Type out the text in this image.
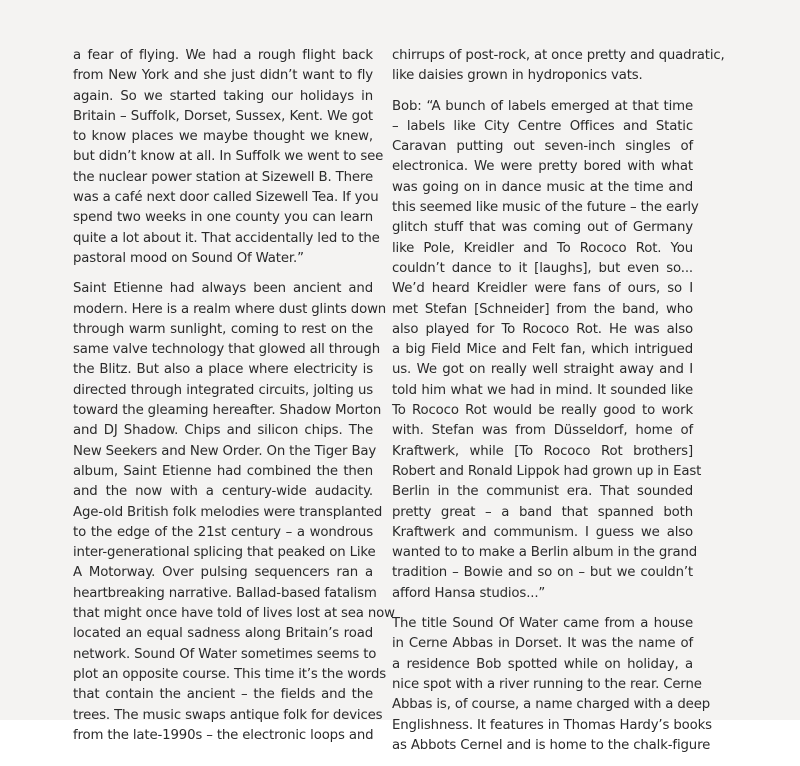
a fear of flying. We had a rough flight back
from New York and she just didn’t want to fly
again. So we started taking our holidays in
Britain – Suffolk, Dorset, Sussex, Kent. We got
to know places we maybe thought we knew,
but didn’t know at all. In Suffolk we went to see
the nuclear power station at Sizewell B. There
was a café next door called Sizewell Tea. If you
spend two weeks in one county you can learn
quite a lot about it. That accidentally led to the
pastoral mood on Sound Of Water.”

Saint Etienne had always been ancient and
modern. Here is a realm where dust glints down
through warm sunlight, coming to rest on the
same valve technology that glowed all through
the Blitz. But also a place where electricity is
directed through integrated circuits, jolting us
toward the gleaming hereafter. Shadow Morton
and DJ Shadow. Chips and silicon chips. The
New Seekers and New Order. On the Tiger Bay
album, Saint Etienne had combined the then
and the now with a century-wide audacity.
Age-old British folk melodies were transplanted
to the edge of the 21st century – a wondrous
inter-generational splicing that peaked on Like
A Motorway. Over pulsing sequencers ran a
heartbreaking narrative. Ballad-based fatalism
that might once have told of lives lost at sea now
located an equal sadness along Britain’s road
network. Sound Of Water sometimes seems to
plot an opposite course. This time it’s the words
that contain the ancient – the fields and the
trees. The music swaps antique folk for devices
from the late-1990s – the electronic loops and

chirrups of post-rock, at once pretty and quadratic,
like daisies grown in hydroponics vats.

Bob: “A bunch of labels emerged at that time
– labels like City Centre Offices and Static
Caravan putting out seven-inch singles of
electronica. We were pretty bored with what
was going on in dance music at the time and
this seemed like music of the future – the early
glitch stuff that was coming out of Germany
like Pole, Kreidler and To Rococo Rot. You
couldn’t dance to it [laughs], but even so...
We’d heard Kreidler were fans of ours, so I
met Stefan [Schneider] from the band, who
also played for To Rococo Rot. He was also
a big Field Mice and Felt fan, which intrigued
us. We got on really well straight away and I
told him what we had in mind. It sounded like
To Rococo Rot would be really good to work
with. Stefan was from Düsseldorf, home of
Kraftwerk, while [To Rococo Rot brothers]
Robert and Ronald Lippok had grown up in East
Berlin in the communist era. That sounded
pretty great – a band that spanned both
Kraftwerk and communism. I guess we also
wanted to to make a Berlin album in the grand
tradition – Bowie and so on – but we couldn’t
afford Hansa studios...”

The title Sound Of Water came from a house
in Cerne Abbas in Dorset. It was the name of
a residence Bob spotted while on holiday, a
nice spot with a river running to the rear. Cerne
Abbas is, of course, a name charged with a deep
Englishness. It features in Thomas Hardy’s books
as Abbots Cernel and is home to the chalk-figure
